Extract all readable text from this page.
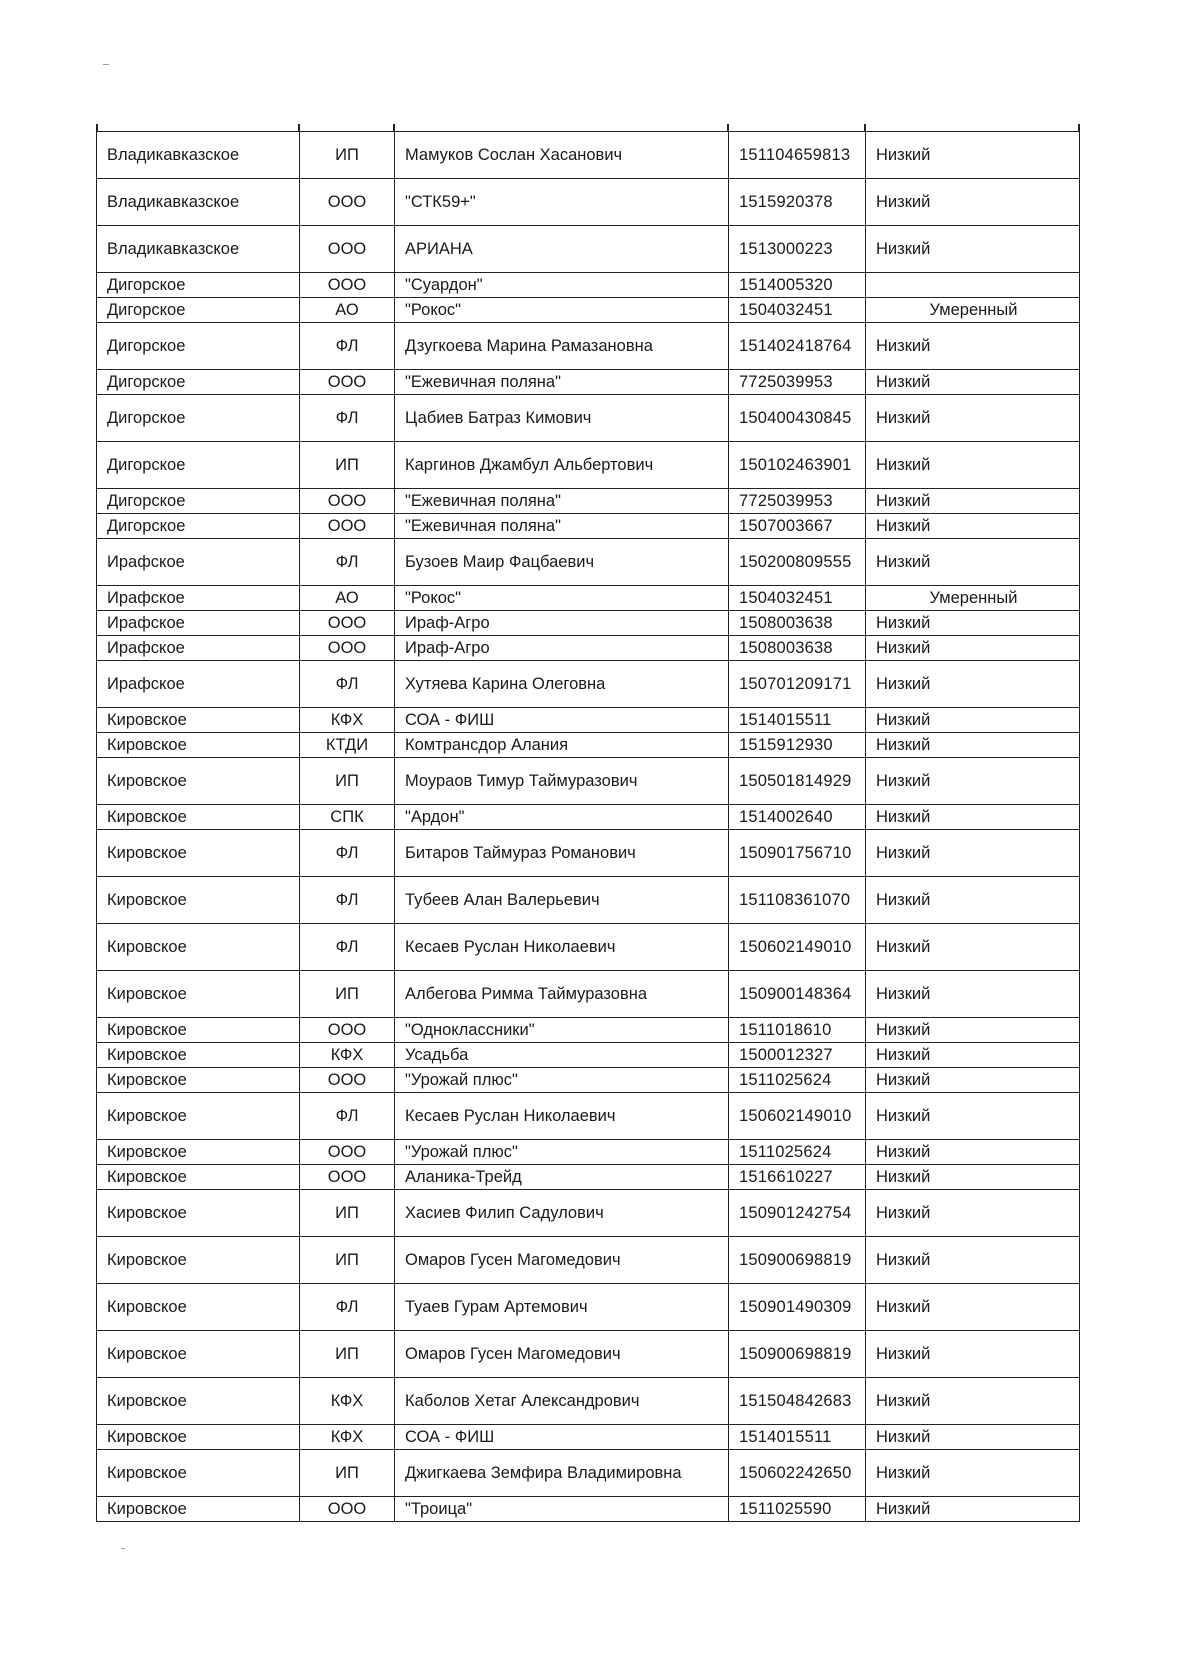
Владикавказское	ИП	Мамуков Сослан Хасанович	151104659813	Низкий
Владикавказское	ООО	"СТК59+"	1515920378	Низкий
Владикавказское	ООО	АРИАНА	1513000223	Низкий
Дигорское	ООО	"Суардон"	1514005320	
Дигорское	АО	"Рокос"	1504032451	Умеренный
Дигорское	ФЛ	Дзугкоева Марина Рамазановна	151402418764	Низкий
Дигорское	ООО	"Ежевичная поляна"	7725039953	Низкий
Дигорское	ФЛ	Цабиев Батраз Кимович	150400430845	Низкий
Дигорское	ИП	Каргинов Джамбул Альбертович	150102463901	Низкий
Дигорское	ООО	"Ежевичная поляна"	7725039953	Низкий
Дигорское	ООО	"Ежевичная поляна"	1507003667	Низкий
Ирафское	ФЛ	Бузоев Маир Фацбаевич	150200809555	Низкий
Ирафское	АО	"Рокос"	1504032451	Умеренный
Ирафское	ООО	Ираф-Агро	1508003638	Низкий
Ирафское	ООО	Ираф-Агро	1508003638	Низкий
Ирафское	ФЛ	Хутяева Карина Олеговна	150701209171	Низкий
Кировское	КФХ	СОА - ФИШ	1514015511	Низкий
Кировское	КТДИ	Комтрансдор Алания	1515912930	Низкий
Кировское	ИП	Моураов Тимур Таймуразович	150501814929	Низкий
Кировское	СПК	"Ардон"	1514002640	Низкий
Кировское	ФЛ	Битаров Таймураз Романович	150901756710	Низкий
Кировское	ФЛ	Тубеев Алан Валерьевич	151108361070	Низкий
Кировское	ФЛ	Кесаев Руслан Николаевич	150602149010	Низкий
Кировское	ИП	Албегова Римма Таймуразовна	150900148364	Низкий
Кировское	ООО	"Одноклассники"	1511018610	Низкий
Кировское	КФХ	Усадьба	1500012327	Низкий
Кировское	ООО	"Урожай плюс"	1511025624	Низкий
Кировское	ФЛ	Кесаев Руслан Николаевич	150602149010	Низкий
Кировское	ООО	"Урожай плюс"	1511025624	Низкий
Кировское	ООО	Аланика-Трейд	1516610227	Низкий
Кировское	ИП	Хасиев Филип Садулович	150901242754	Низкий
Кировское	ИП	Омаров Гусен Магомедович	150900698819	Низкий
Кировское	ФЛ	Туаев Гурам Артемович	150901490309	Низкий
Кировское	ИП	Омаров Гусен Магомедович	150900698819	Низкий
Кировское	КФХ	Каболов Хетаг Александрович	151504842683	Низкий
Кировское	КФХ	СОА - ФИШ	1514015511	Низкий
Кировское	ИП	Джигкаева Земфира Владимировна	150602242650	Низкий
Кировское	ООО	"Троица"	1511025590	Низкий
